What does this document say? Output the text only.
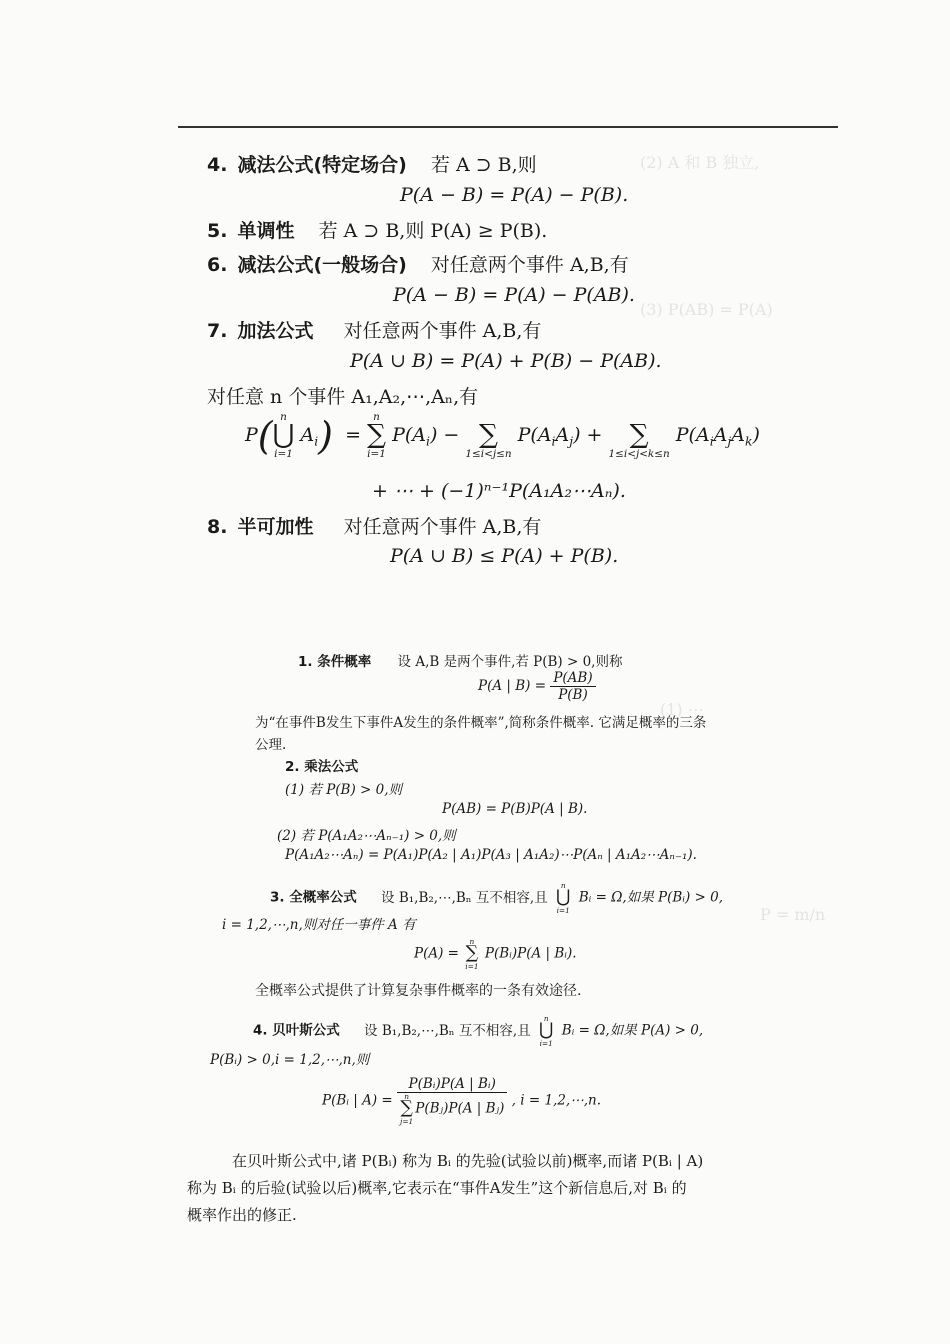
(2) A 和 B 独立,
(3) P(AB) = P(A)
(1) ⋯
P = m/n
4. 减法公式(特定场合) 若 A ⊃ B,则
P(A − B) = P(A) − P(B).
5. 单调性 若 A ⊃ B,则 P(A) ≥ P(B).
6. 减法公式(一般场合) 对任意两个事件 A,B,有
P(A − B) = P(A) − P(AB).
7. 加法公式 对任意两个事件 A,B,有
P(A ∪ B) = P(A) + P(B) − P(AB).
对任意 n 个事件 A₁,A₂,⋯,Aₙ,有
P( n
⋃
i=1
$A_i$)  =
n
∑
i=1
$P(A_i)$ −
∑
1≤i<j≤n
$P(A_iA_j)$ +
∑
1≤i<j<k≤n
$P(A_iA_jA_k)$
+ ⋯ + (−1)ⁿ⁻¹P(A₁A₂⋯Aₙ).
8. 半可加性 对任意两个事件 A,B,有
P(A ∪ B) ≤ P(A) + P(B).
1. 条件概率 设 A,B 是两个事件,若 P(B) > 0,则称
P(A | $B) = \frac{P(AB)}{P(B)}$
为“在事件B发生下事件A发生的条件概率”,简称条件概率. 它满足概率的三条
公理.
2. 乘法公式
(1) 若 P(B) > 0,则
P(AB) = P(B)P(A | B).
(2) 若 P(A₁A₂⋯Aₙ₋₁) > 0,则
P(A₁A₂⋯Aₙ) = P(A₁)P(A₂ | A₁)P(A₃ | A₁A₂)⋯P(Aₙ | A₁A₂⋯Aₙ₋₁).
3. 全概率公式 设 B₁,B₂,⋯,Bₙ 互不相容,且
n
⋃
i=1
Bᵢ = Ω,如果 P(Bᵢ) > 0,
i = 1,2,⋯,n,则对任一事件 A 有
P(A) =
n
∑
i=1
P(Bᵢ)P(A | Bᵢ).
全概率公式提供了计算复杂事件概率的一条有效途径.
4. 贝叶斯公式 设 B₁,B₂,⋯,Bₙ 互不相容,且
n
⋃
i=1
Bᵢ = Ω,如果 P(A) > 0,
P(Bᵢ) > 0,i = 1,2,⋯,n,则
P(Bᵢ | A) = P(Bᵢ)P(A | Bᵢ)
n
∑
j=1
P(Bⱼ)P(A | Bⱼ) , i = 1,2,⋯,n.
在贝叶斯公式中,诸 P(Bᵢ) 称为 Bᵢ 的先验(试验以前)概率,而诸 P(Bᵢ | A)
称为 Bᵢ 的后验(试验以后)概率,它表示在“事件A发生”这个新信息后,对 Bᵢ 的
概率作出的修正.
